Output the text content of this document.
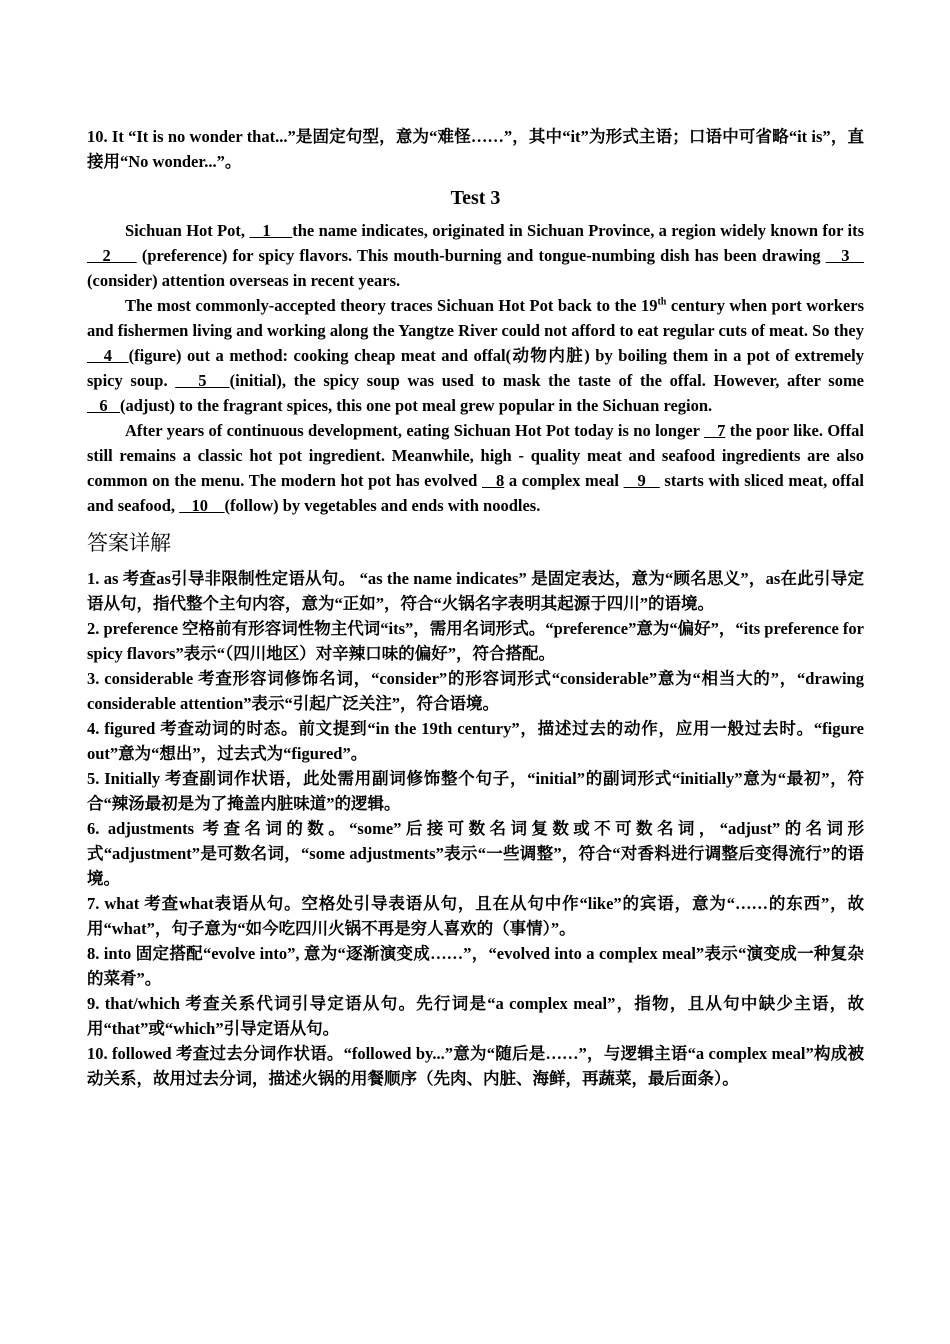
10. It “It is no wonder that...”是固定句型，意为“难怪……”，其中“it”为形式主语；口语中可省略“it is”，直接用“No wonder...”。

Test 3

Sichuan Hot Pot,    1     the name indicates, originated in Sichuan Province, a region widely known for its    2      (preference) for spicy flavors. This mouth-burning and tongue-numbing dish has been drawing    3    (consider) attention overseas in recent years.

The most commonly-accepted theory traces Sichuan Hot Pot back to the 19th century when port workers and fishermen living and working along the Yangtze River could not afford to eat regular cuts of meat. So they    4   (figure) out a method: cooking cheap meat and offal(动物内脏) by boiling them in a pot of extremely spicy soup.    5   (initial), the spicy soup was used to mask the taste of the offal. However, after some    6   (adjust) to the fragrant spices, this one pot meal grew popular in the Sichuan region.

After years of continuous development, eating Sichuan Hot Pot today is no longer    7 the poor like. Offal still remains a classic hot pot ingredient. Meanwhile, high - quality meat and seafood ingredients are also common on the menu. The modern hot pot has evolved    8 a complex meal    9    starts with sliced meat, offal and seafood,    10    (follow) by vegetables and ends with noodles.

答案详解

1. as 考查as引导非限制性定语从句。 “as the name indicates” 是固定表达，意为“顾名思义”，as在此引导定语从句，指代整个主句内容，意为“正如”，符合“火锅名字表明其起源于四川”的语境。

2. preference 空格前有形容词性物主代词“its”，需用名词形式。“preference”意为“偏好”，“its preference for spicy flavors”表示“（四川地区）对辛辣口味的偏好”，符合搭配。

3. considerable 考查形容词修饰名词，“consider”的形容词形式“considerable”意为“相当大的”，“drawing considerable attention”表示“引起广泛关注”，符合语境。

4. figured 考查动词的时态。前文提到“in the 19th century”，描述过去的动作，应用一般过去时。“figure out”意为“想出”，过去式为“figured”。

5. Initially 考查副词作状语，此处需用副词修饰整个句子，“initial”的副词形式“initially”意为“最初”，符合“辣汤最初是为了掩盖内脏味道”的逻辑。

6. adjustments 考查名词的数。“some”后接可数名词复数或不可数名词，“adjust”的名词形式“adjustment”是可数名词，“some adjustments”表示“一些调整”，符合“对香料进行调整后变得流行”的语境。

7. what 考查what表语从句。空格处引导表语从句，且在从句中作“like”的宾语，意为“……的东西”，故用“what”，句子意为“如今吃四川火锅不再是穷人喜欢的（事情）”。

8. into 固定搭配“evolve into”, 意为“逐渐演变成……”，“evolved into a complex meal”表示“演变成一种复杂的菜肴”。

9. that/which 考查关系代词引导定语从句。先行词是“a complex meal”，指物，且从句中缺少主语，故用“that”或“which”引导定语从句。

10. followed 考查过去分词作状语。“followed by...”意为“随后是……”，与逻辑主语“a complex meal”构成被动关系，故用过去分词，描述火锅的用餐顺序（先肉、内脏、海鲜，再蔬菜，最后面条）。
